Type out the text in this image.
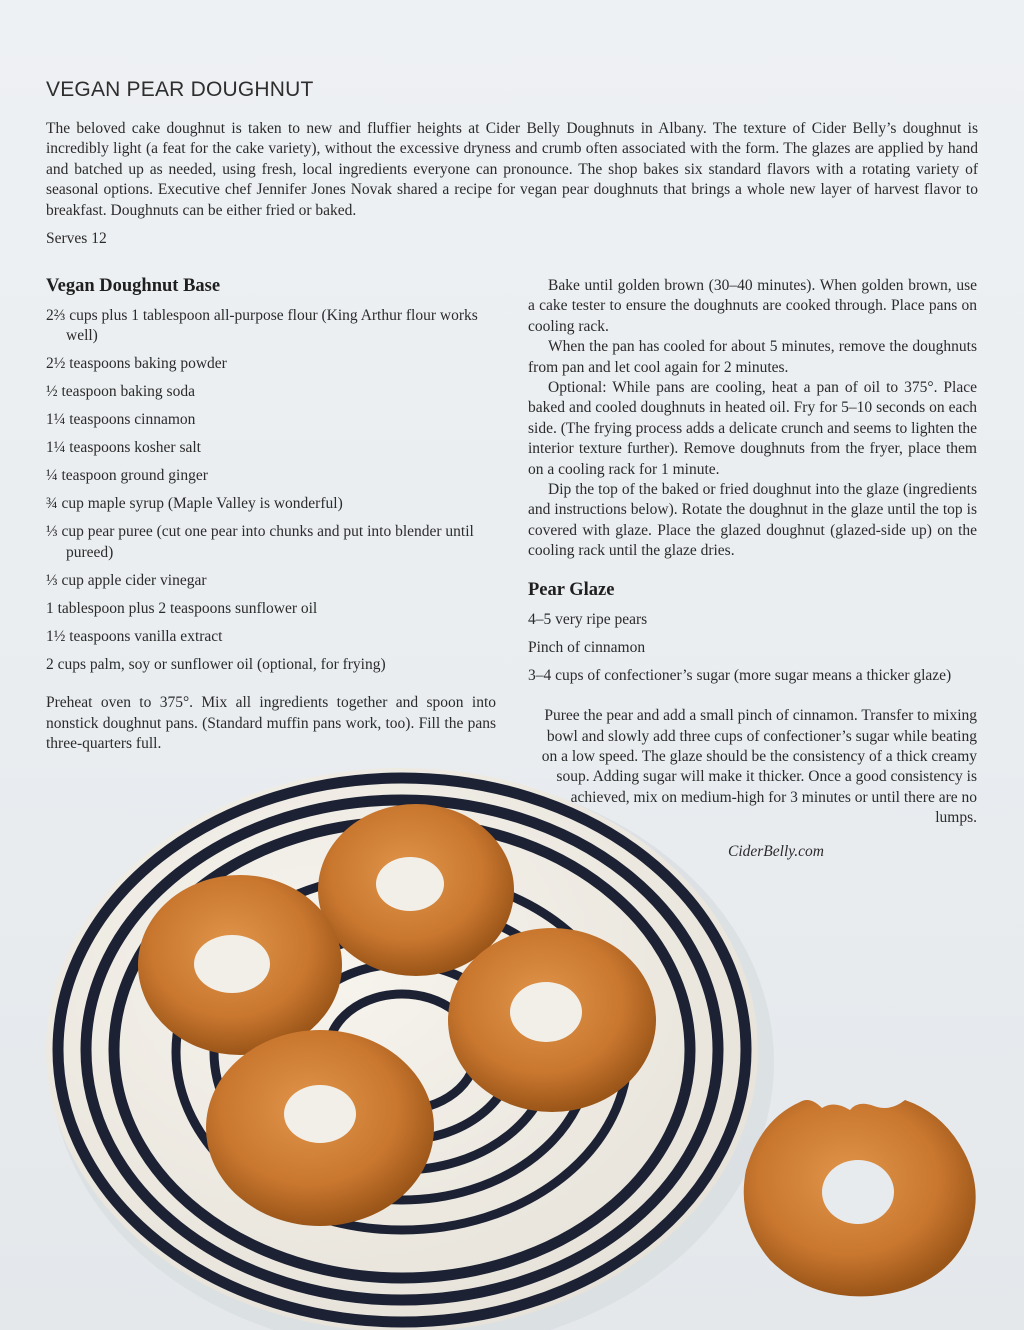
VEGAN PEAR DOUGHNUT

The beloved cake doughnut is taken to new and fluffier heights at Cider Belly Doughnuts in Albany. The texture of Cider Belly’s doughnut is incredibly light (a feat for the cake variety), without the excessive dryness and crumb often associated with the form. The glazes are applied by hand and batched up as needed, using fresh, local ingredients everyone can pronounce. The shop bakes six standard flavors with a rotating variety of seasonal options. Executive chef Jennifer Jones Novak shared a recipe for vegan pear doughnuts that brings a whole new layer of harvest flavor to breakfast. Doughnuts can be either fried or baked.

Serves 12
Vegan Doughnut Base
2⅔ cups plus 1 tablespoon all-purpose flour (King Arthur flour works well)
2½ teaspoons baking powder
½ teaspoon baking soda
1¼ teaspoons cinnamon
1¼ teaspoons kosher salt
¼ teaspoon ground ginger
¾ cup maple syrup (Maple Valley is wonderful)
⅓ cup pear puree (cut one pear into chunks and put into blender until pureed)
⅓ cup apple cider vinegar
1 tablespoon plus 2 teaspoons sunflower oil
1½ teaspoons vanilla extract
2 cups palm, soy or sunflower oil (optional, for frying)

Preheat oven to 375°. Mix all ingredients together and spoon into nonstick doughnut pans. (Standard muffin pans work, too). Fill the pans three-quarters full.

Bake until golden brown (30–40 minutes). When golden brown, use a cake tester to ensure the doughnuts are cooked through. Place pans on cooling rack.

When the pan has cooled for about 5 minutes, remove the doughnuts from pan and let cool again for 2 minutes.

Optional: While pans are cooling, heat a pan of oil to 375°. Place baked and cooled doughnuts in heated oil. Fry for 5–10 seconds on each side. (The frying process adds a delicate crunch and seems to lighten the interior texture further). Remove doughnuts from the fryer, place them on a cooling rack for 1 minute.

Dip the top of the baked or fried doughnut into the glaze (ingredients and instructions below). Rotate the doughnut in the glaze until the top is covered with glaze. Place the glazed doughnut (glazed-side up) on the cooling rack until the glaze dries.

Pear Glaze
4–5 very ripe pears
Pinch of cinnamon
3–4 cups of confectioner’s sugar (more sugar means a thicker glaze)

Puree the pear and add a small pinch of cinnamon. Transfer to mixing bowl and slowly add three cups of confectioner’s sugar while beating on a low speed. The glaze should be the consistency of a thick creamy soup. Adding sugar will make it thicker. Once a good consistency is achieved, mix on medium-high for 3 minutes or until there are no lumps.

CiderBelly.com
